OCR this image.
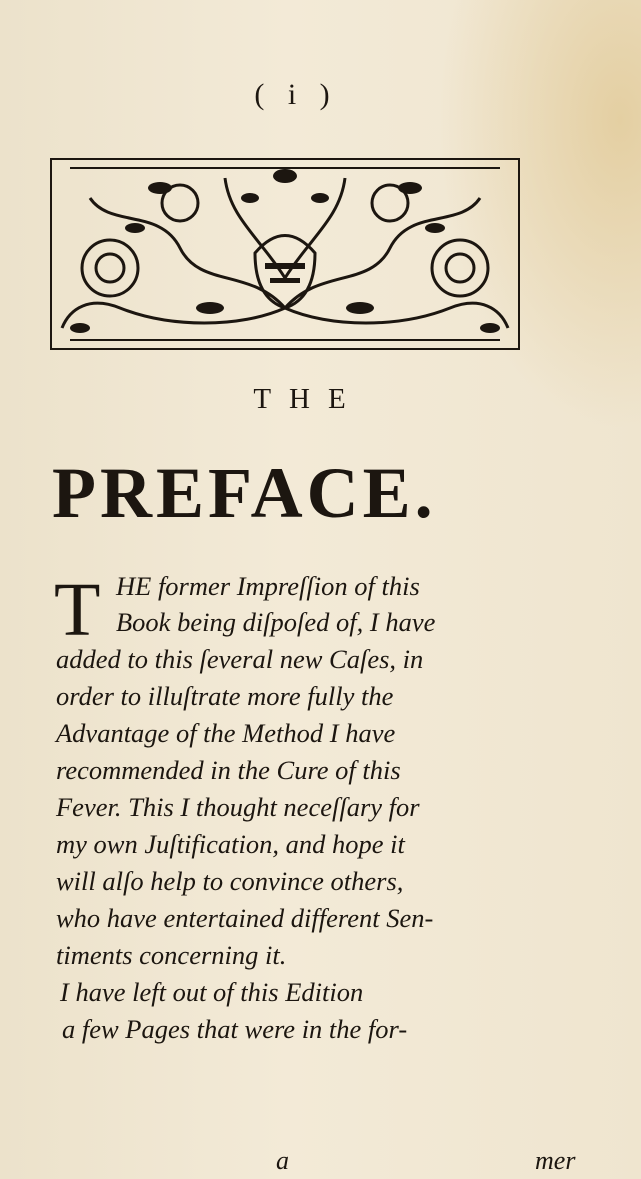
( i )
THE
PREFACE.
T HE former Impreſſion of this
Book being diſpoſed of, I have
added to this ſeveral new Caſes, in
order to illuſtrate more fully the
Advantage of the Method I have
recommended in the Cure of this
Fever. This I thought neceſſary for
my own Juſtification, and hope it
will alſo help to convince others,
who have entertained different Sen-
timents concerning it.
I have left out of this Edition
a few Pages that were in the for-
a	mer
